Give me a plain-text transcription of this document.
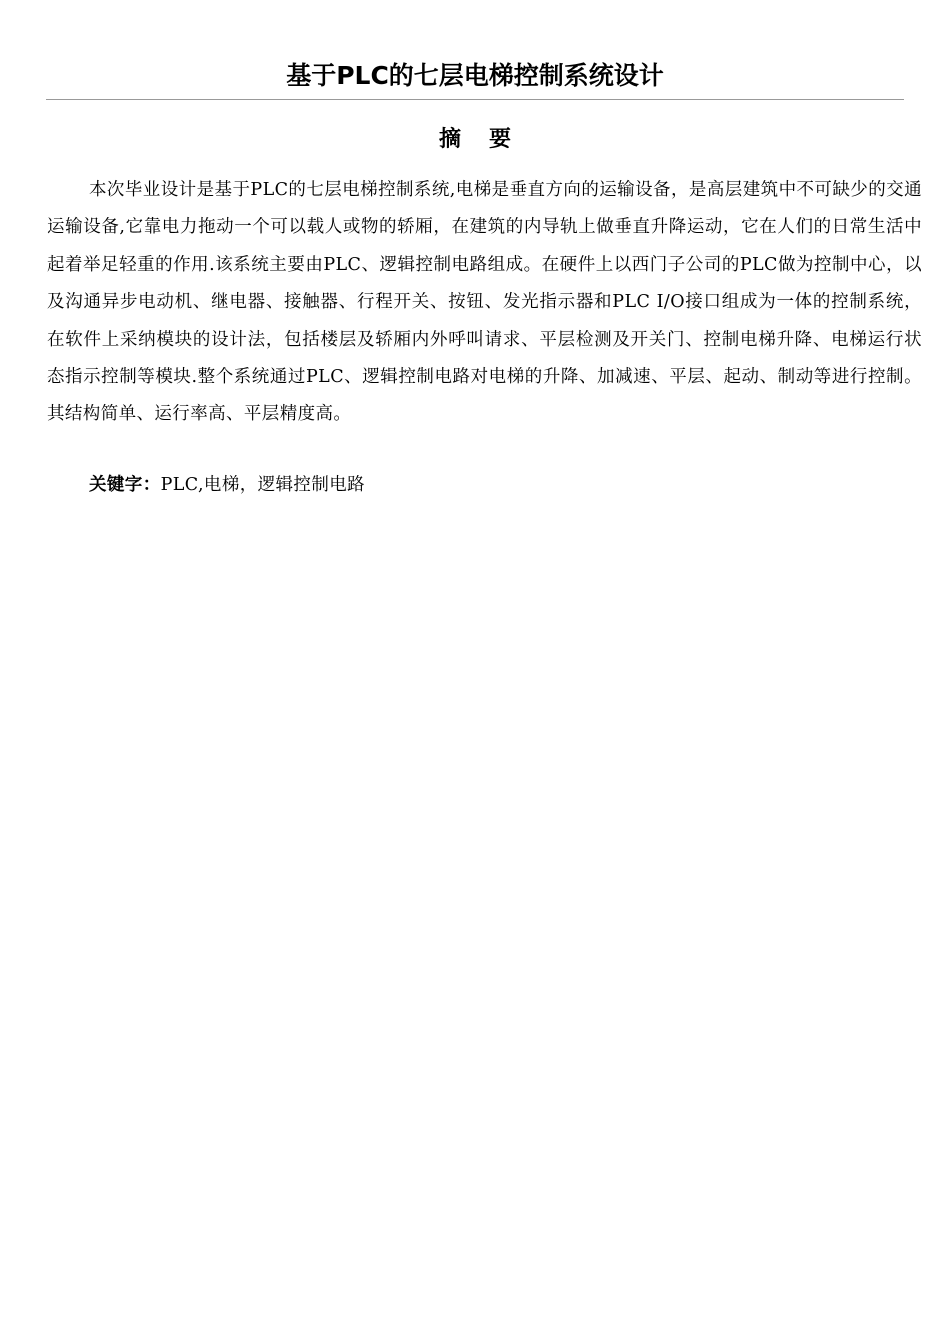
基于PLC的七层电梯控制系统设计
摘要

本次毕业设计是基于PLC的七层电梯控制系统,电梯是垂直方向的运输设备，是高层建筑中不可缺少的交通运输设备,它靠电力拖动一个可以载人或物的轿厢，在建筑的内导轨上做垂直升降运动，它在人们的日常生活中起着举足轻重的作用.该系统主要由PLC、逻辑控制电路组成。在硬件上以西门子公司的PLC做为控制中心，以及沟通异步电动机、继电器、接触器、行程开关、按钮、发光指示器和PLC I/O接口组成为一体的控制系统，在软件上采纳模块的设计法，包括楼层及轿厢内外呼叫请求、平层检测及开关门、控制电梯升降、电梯运行状态指示控制等模块.整个系统通过PLC、逻辑控制电路对电梯的升降、加减速、平层、起动、制动等进行控制。其结构简单、运行率高、平层精度高。

关键字：PLC,电梯，逻辑控制电路
